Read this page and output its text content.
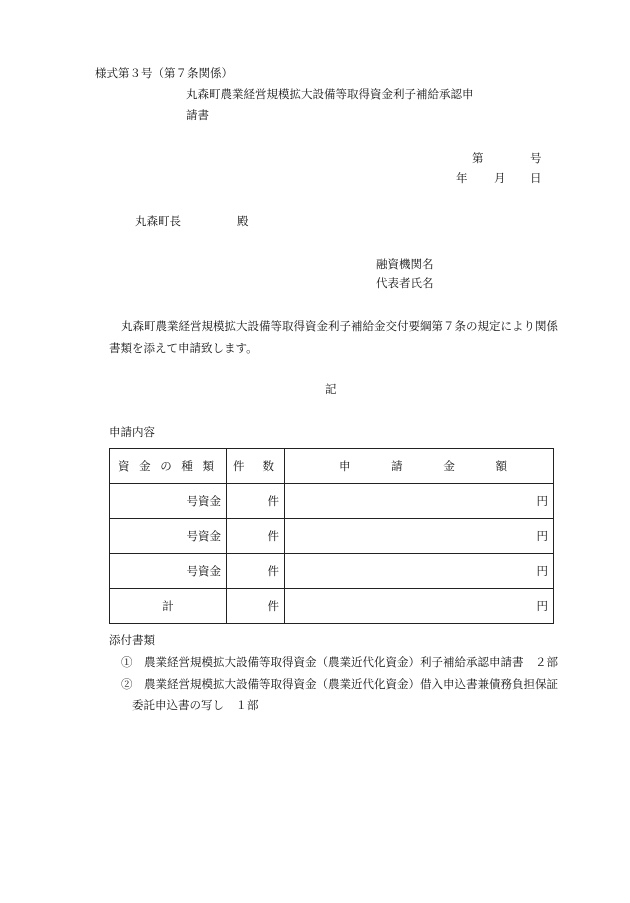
様式第３号（第７条関係）
丸森町農業経営規模拡大設備等取得資金利子補給承認申
請書
第	号
年 月 日
丸森町長	殿
融資機関名
代表者氏名
丸森町農業経営規模拡大設備等取得資金利子補給金交付要綱第７条の規定により関係
書類を添えて申請致します。
記
申請内容
資 金 の 種 類	件 数	申 請 金 額

号資金	件	円
号資金	件	円
号資金	件	円
計	件	円
添付書類
①　農業経営規模拡大設備等取得資金（農業近代化資金）利子補給承認申請書　２部
②　農業経営規模拡大設備等取得資金（農業近代化資金）借入申込書兼債務負担保証
委託申込書の写し　１部
